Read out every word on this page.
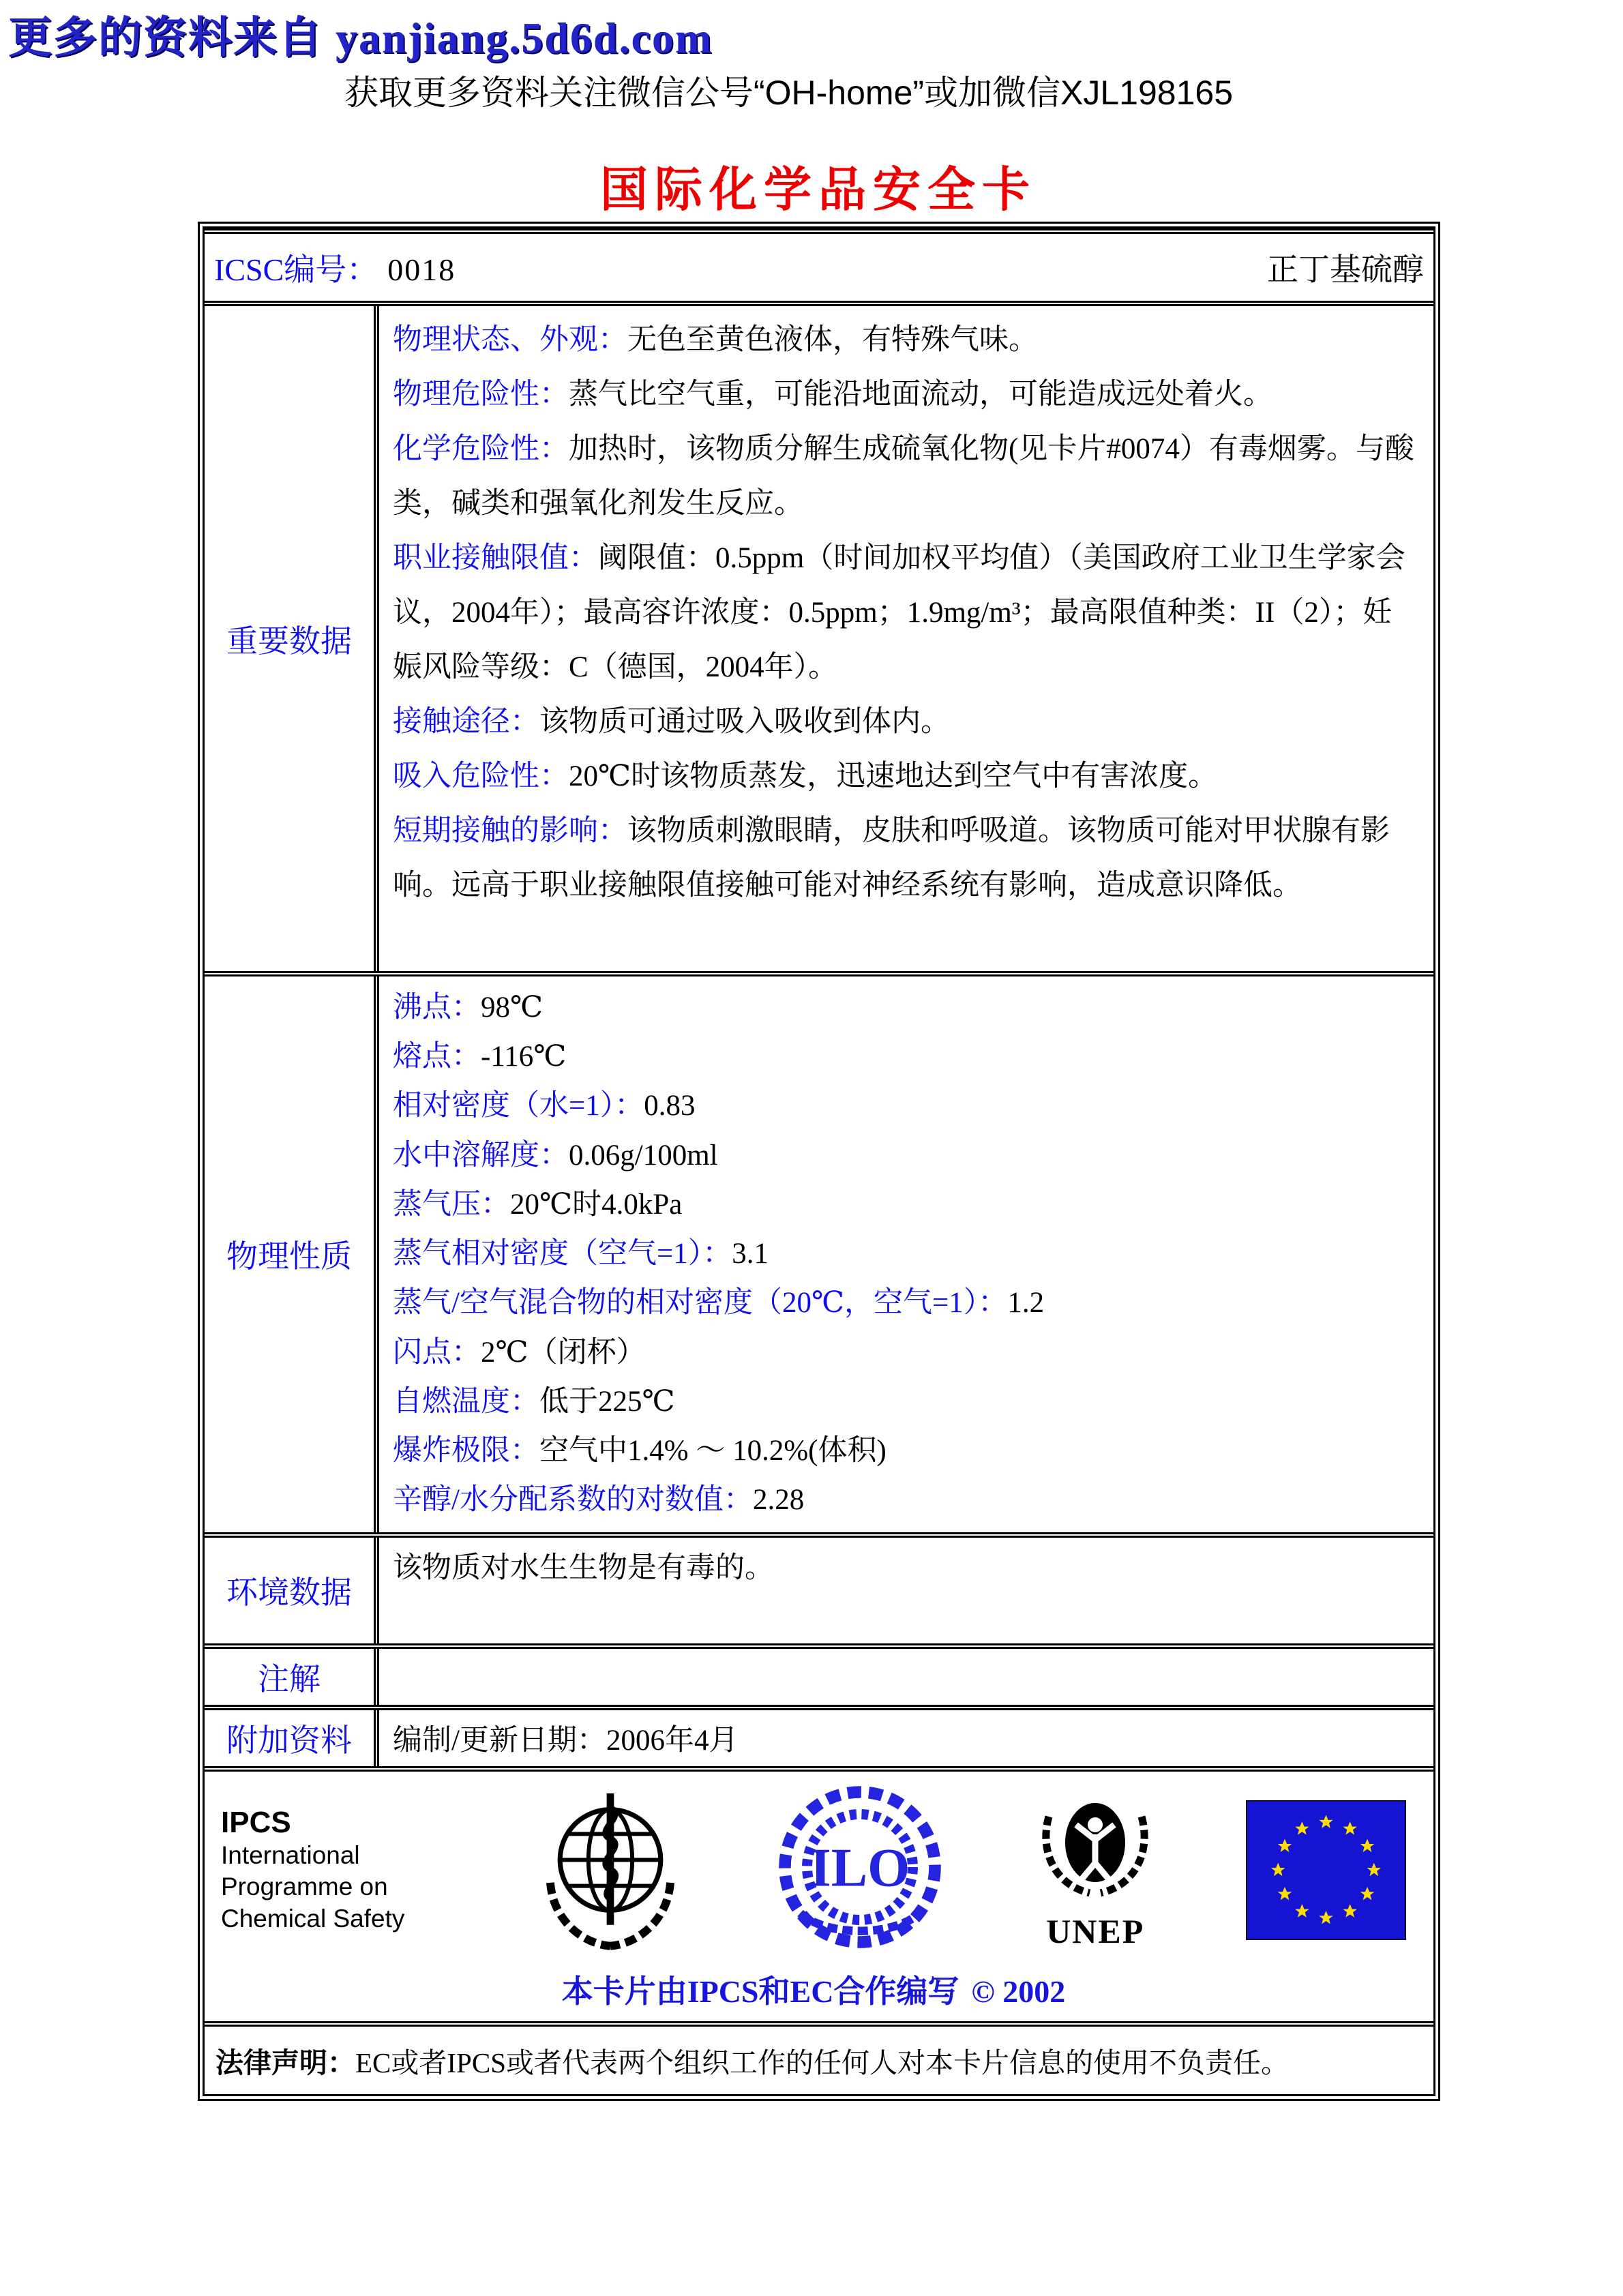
更多的资料来自 yanjiang.5d6d.com
获取更多资料关注微信公号“OH-home”或加微信XJL198165
国际化学品安全卡
ICSC编号： 0018	正丁基硫醇
重要数据
物理状态、外观：无色至黄色液体，有特殊气味。
物理危险性：蒸气比空气重，可能沿地面流动，可能造成远处着火。
化学危险性：加热时，该物质分解生成硫氧化物(见卡片#0074）有毒烟雾。与酸类，碱类和强氧化剂发生反应。
职业接触限值：阈限值：0.5ppm（时间加权平均值）（美国政府工业卫生学家会议，2004年）；最高容许浓度：0.5ppm；1.9mg/m³；最高限值种类：II（2）；妊娠风险等级：C（德国，2004年）。
接触途径：该物质可通过吸入吸收到体内。
吸入危险性：20℃时该物质蒸发，迅速地达到空气中有害浓度。
短期接触的影响：该物质刺激眼睛，皮肤和呼吸道。该物质可能对甲状腺有影响。远高于职业接触限值接触可能对神经系统有影响，造成意识降低。
物理性质
沸点：98℃
熔点：-116℃
相对密度（水=1）：0.83
水中溶解度：0.06g/100ml
蒸气压：20℃时4.0kPa
蒸气相对密度（空气=1）：3.1
蒸气/空气混合物的相对密度（20℃，空气=1）：1.2
闪点：2℃（闭杯）
自燃温度：低于225℃
爆炸极限：空气中1.4% ～ 10.2%(体积)
辛醇/水分配系数的对数值：2.28
环境数据
该物质对水生生物是有毒的。
注解
附加资料	编制/更新日期：2006年4月
IPCS
International
Programme on
Chemical Safety
ILO
UNEP
本卡片由IPCS和EC合作编写 © 2002
法律声明：EC或者IPCS或者代表两个组织工作的任何人对本卡片信息的使用不负责任。
